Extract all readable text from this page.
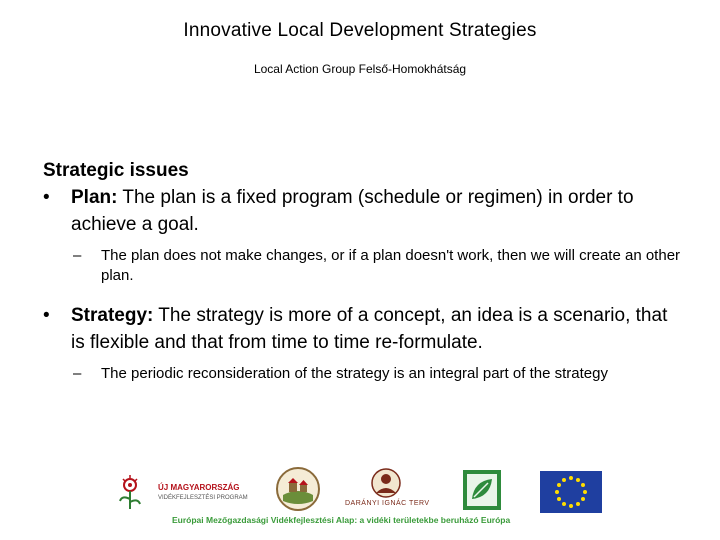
Innovative Local Development Strategies
Local Action Group Felső-Homokhátság
Strategic issues
• Plan: The plan is a fixed program (schedule or regimen) in order to achieve a goal.
– The plan does not make changes, or if a plan doesn't work, then we will create an other plan.
• Strategy: The strategy is more of a concept, an idea is a scenario, that is flexible and that from time to time re-formulate.
– The periodic reconsideration of the strategy is an integral part of the strategy
ÚJ MAGYARORSZÁG
VIDÉKFEJLESZTÉSI PROGRAM
DARÁNYI IGNÁC TERV
Európai Mezőgazdasági Vidékfejlesztési Alap: a vidéki területekbe beruházó Európa
